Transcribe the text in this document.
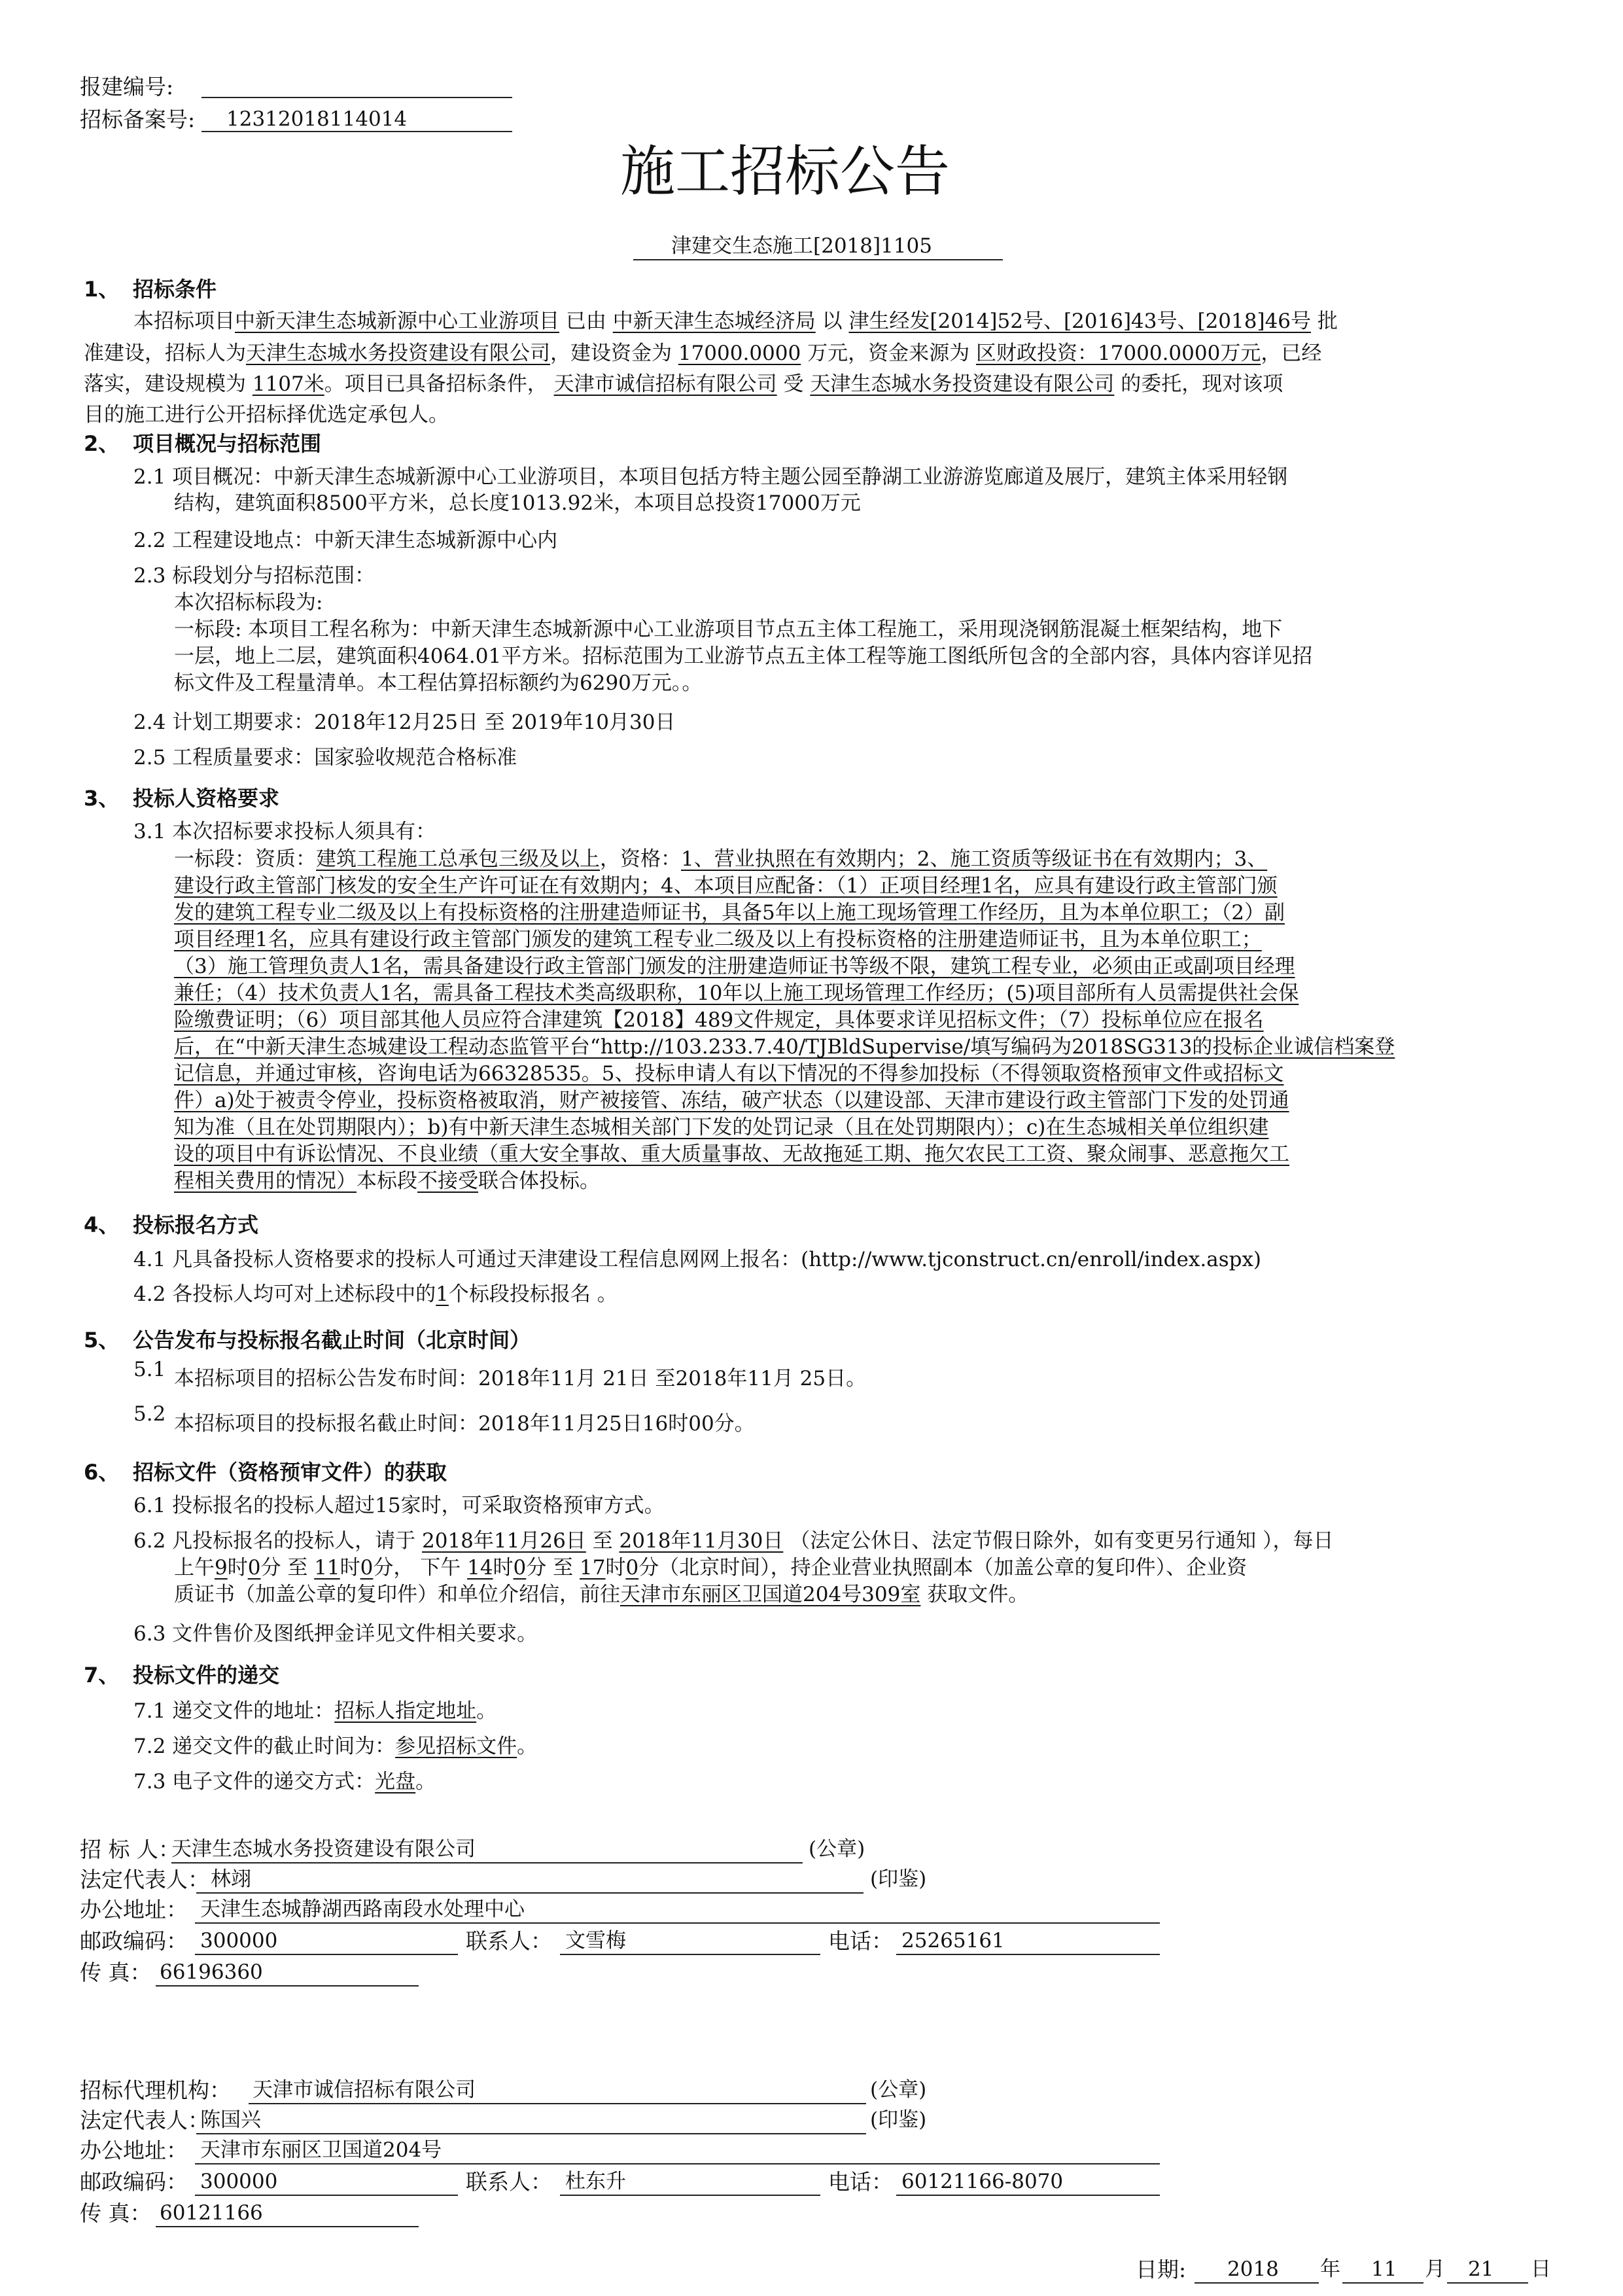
报建编号:
招标备案号: 12312018114014
施工招标公告
津建交生态施工[2018]1105
1、 招标条件
本招标项目中新天津生态城新源中心工业游项目 已由 中新天津生态城经济局 以 津生经发[2014]52号、[2016]43号、[2018]46号 批
准建设，招标人为天津生态城水务投资建设有限公司，建设资金为 17000.0000 万元，资金来源为 区财政投资：17000.0000万元，已经
落实，建设规模为 1107米。项目已具备招标条件， 天津市诚信招标有限公司 受 天津生态城水务投资建设有限公司 的委托，现对该项
目的施工进行公开招标择优选定承包人。
2、 项目概况与招标范围
2.1 项目概况：中新天津生态城新源中心工业游项目，本项目包括方特主题公园至静湖工业游游览廊道及展厅，建筑主体采用轻钢
结构，建筑面积8500平方米，总长度1013.92米，本项目总投资17000万元
2.2 工程建设地点：中新天津生态城新源中心内
2.3 标段划分与招标范围：
本次招标标段为:
一标段: 本项目工程名称为：中新天津生态城新源中心工业游项目节点五主体工程施工，采用现浇钢筋混凝土框架结构，地下
一层，地上二层，建筑面积4064.01平方米。招标范围为工业游节点五主体工程等施工图纸所包含的全部内容，具体内容详见招
标文件及工程量清单。本工程估算招标额约为6290万元。。
2.4 计划工期要求：2018年12月25日 至 2019年10月30日
2.5 工程质量要求：国家验收规范合格标准
3、 投标人资格要求
3.1 本次招标要求投标人须具有：
一标段：资质：建筑工程施工总承包三级及以上，资格：1、营业执照在有效期内；2、施工资质等级证书在有效期内；3、
建设行政主管部门核发的安全生产许可证在有效期内；4、本项目应配备：（1）正项目经理1名，应具有建设行政主管部门颁
发的建筑工程专业二级及以上有投标资格的注册建造师证书，具备5年以上施工现场管理工作经历，且为本单位职工；（2）副
项目经理1名，应具有建设行政主管部门颁发的建筑工程专业二级及以上有投标资格的注册建造师证书，且为本单位职工；
（3）施工管理负责人1名，需具备建设行政主管部门颁发的注册建造师证书等级不限，建筑工程专业，必须由正或副项目经理
兼任；（4）技术负责人1名，需具备工程技术类高级职称，10年以上施工现场管理工作经历；(5)项目部所有人员需提供社会保
险缴费证明；（6）项目部其他人员应符合津建筑【2018】489文件规定，具体要求详见招标文件；（7）投标单位应在报名
后，在“中新天津生态城建设工程动态监管平台“http://103.233.7.40/TJBldSupervise/填写编码为2018SG313的投标企业诚信档案登
记信息，并通过审核，咨询电话为66328535。5、投标申请人有以下情况的不得参加投标（不得领取资格预审文件或招标文
件）a)处于被责令停业，投标资格被取消，财产被接管、冻结，破产状态（以建设部、天津市建设行政主管部门下发的处罚通
知为准（且在处罚期限内）；b)有中新天津生态城相关部门下发的处罚记录（且在处罚期限内）；c)在生态城相关单位组织建
设的项目中有诉讼情况、不良业绩（重大安全事故、重大质量事故、无故拖延工期、拖欠农民工工资、聚众闹事、恶意拖欠工
程相关费用的情况）本标段不接受联合体投标。
4、 投标报名方式
4.1 凡具备投标人资格要求的投标人可通过天津建设工程信息网网上报名：(http://www.tjconstruct.cn/enroll/index.aspx)
4.2 各投标人均可对上述标段中的1个标段投标报名 。
5、 公告发布与投标报名截止时间（北京时间）
5.1 本招标项目的招标公告发布时间：2018年11月 21日 至2018年11月 25日。
5.2 本招标项目的投标报名截止时间：2018年11月25日16时00分。
6、 招标文件（资格预审文件）的获取
6.1 投标报名的投标人超过15家时，可采取资格预审方式。
6.2 凡投标报名的投标人，请于 2018年11月26日 至 2018年11月30日 （法定公休日、法定节假日除外，如有变更另行通知 ），每日
上午9时0分 至 11时0分， 下午 14时0分 至 17时0分（北京时间），持企业营业执照副本（加盖公章的复印件）、企业资
质证书（加盖公章的复印件）和单位介绍信，前往天津市东丽区卫国道204号309室 获取文件。
6.3 文件售价及图纸押金详见文件相关要求。
7、 投标文件的递交
7.1 递交文件的地址：招标人指定地址。
7.2 递交文件的截止时间为：参见招标文件。
7.3 电子文件的递交方式：光盘。
招 标 人：
天津生态城水务投资建设有限公司	(公章)
法定代表人： 林翊	(印鉴)
办公地址： 天津生态城静湖西路南段水处理中心
邮政编码： 300000	联系人： 文雪梅	电话： 25265161
传 真： 66196360
招标代理机构： 天津市诚信招标有限公司	(公章)
法定代表人：
陈国兴	(印鉴)
办公地址： 天津市东丽区卫国道204号
邮政编码： 300000	联系人： 杜东升	电话： 60121166-8070
传 真： 60121166
日期: 2018 年 11 月 21 日
